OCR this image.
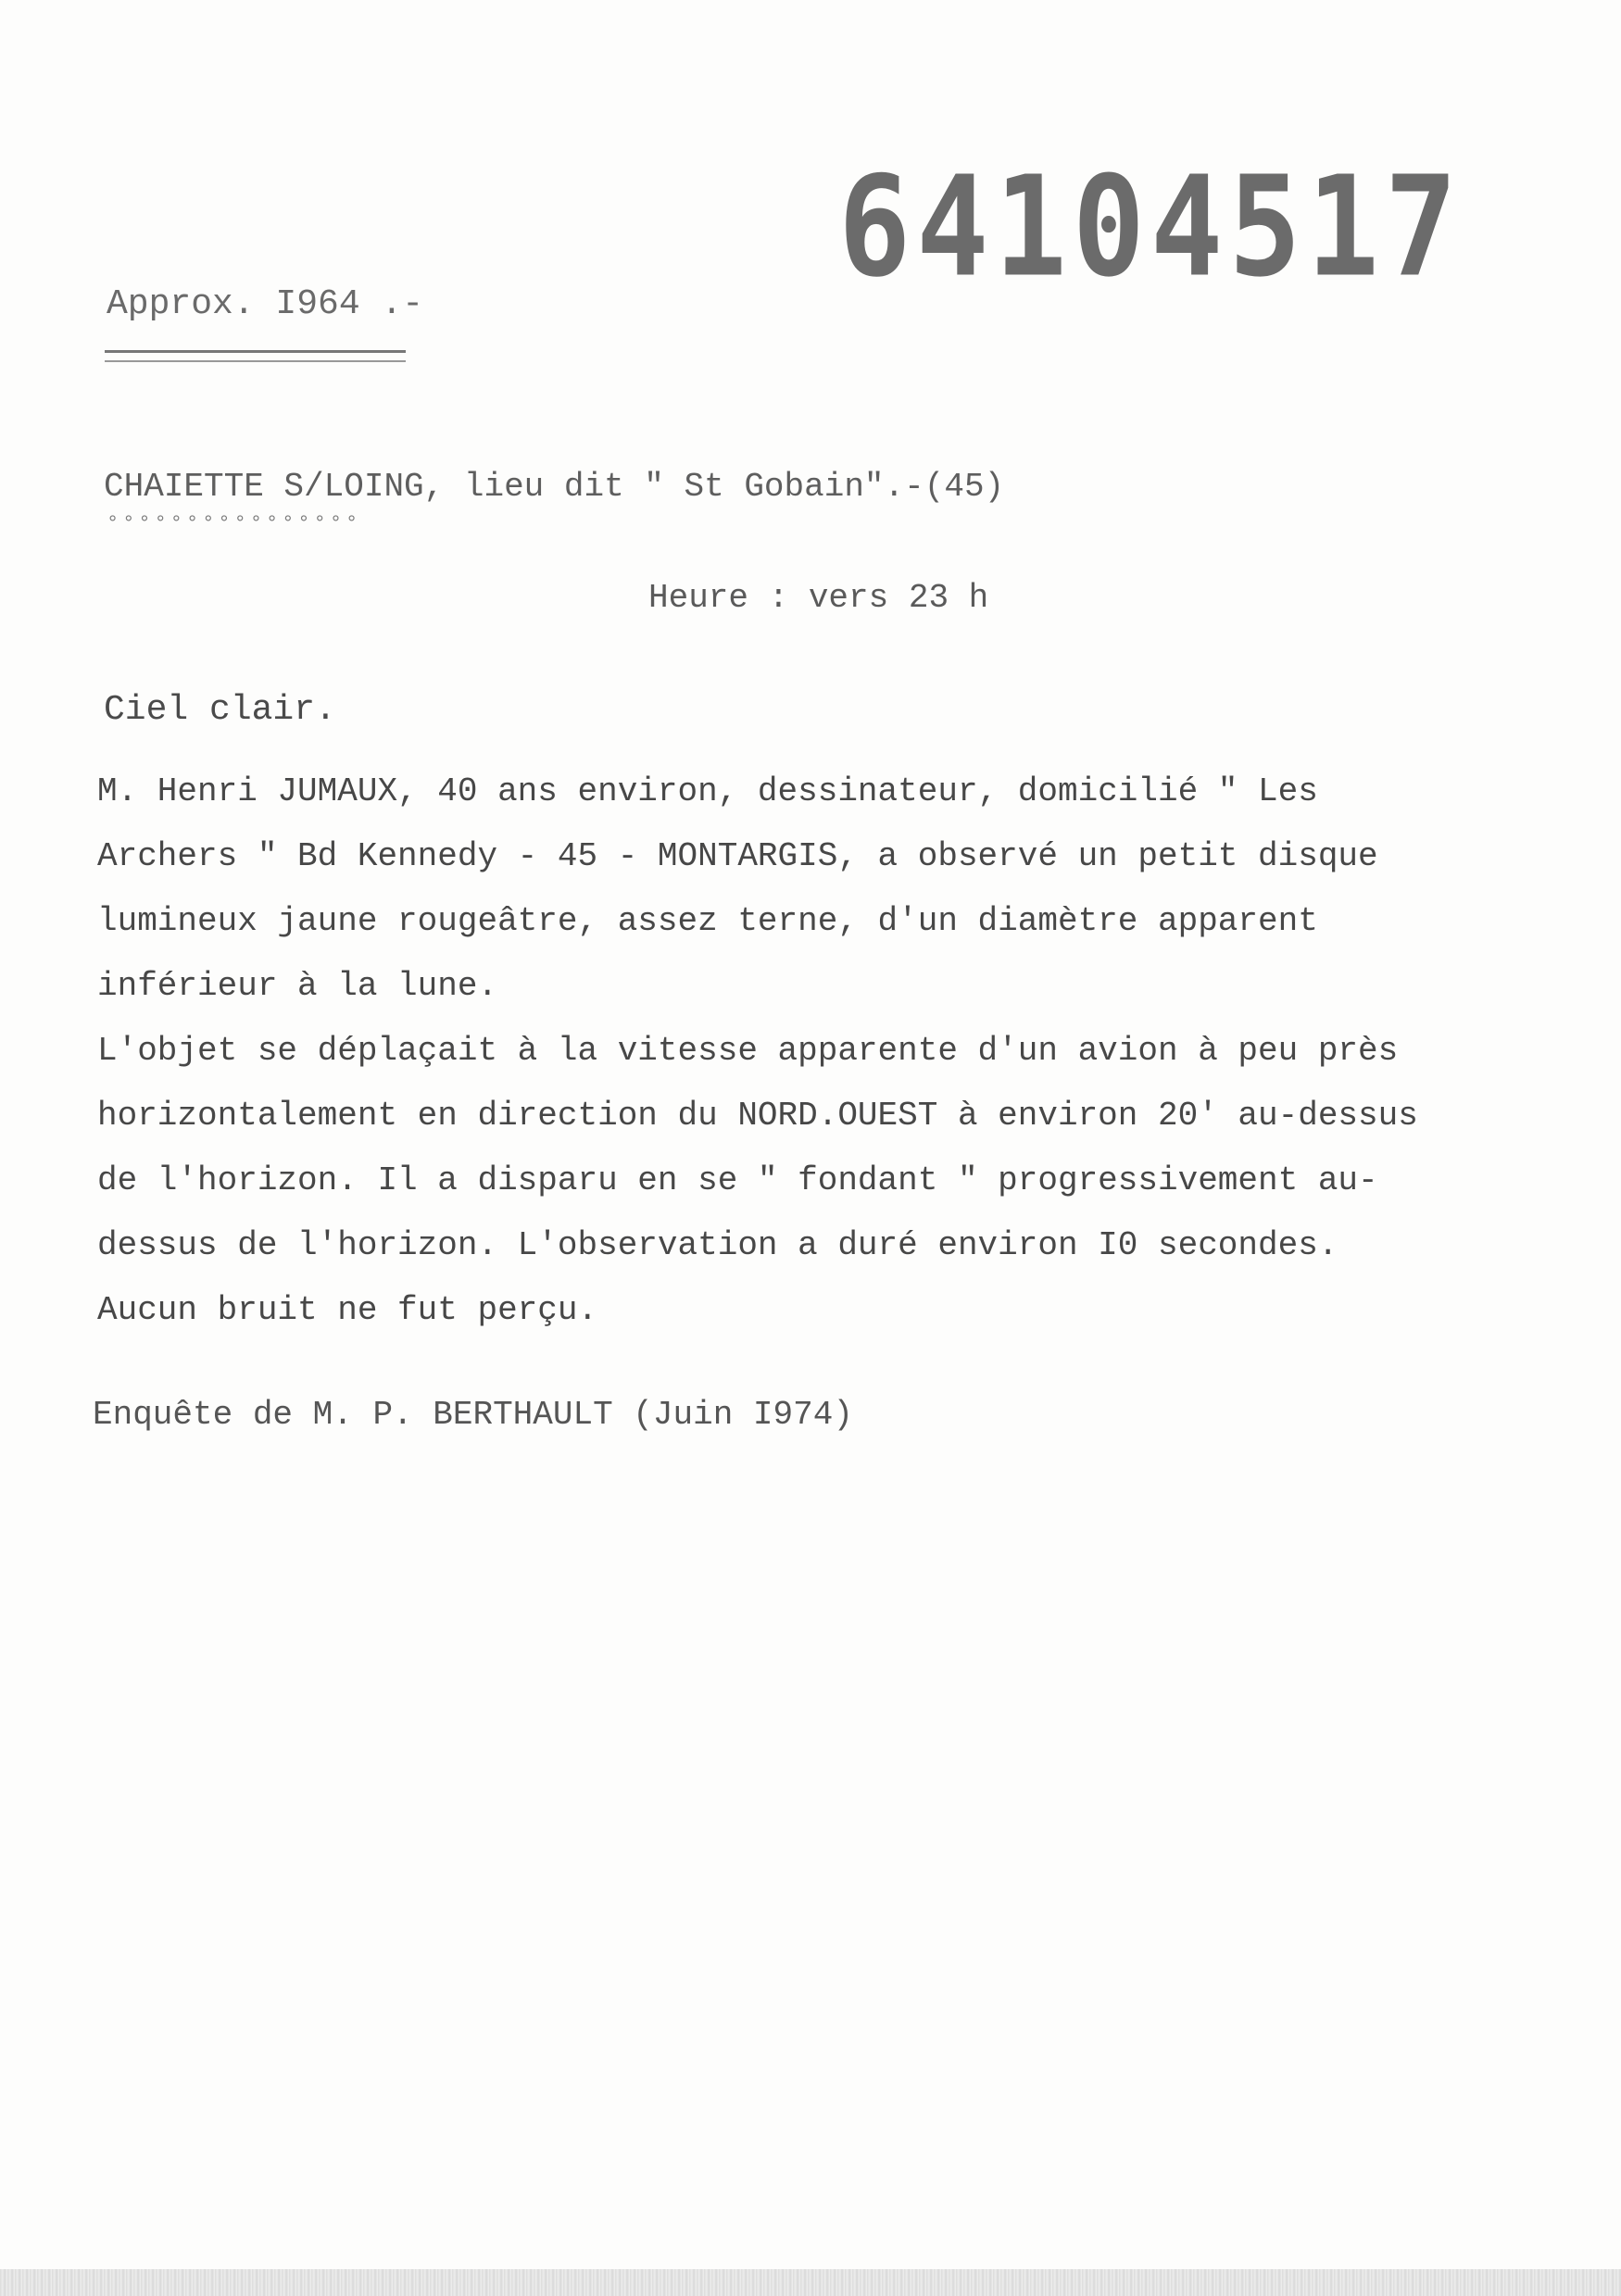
64104517
Approx. I964 .-
CHAIETTE S/LOING, lieu dit " St Gobain".-(45)
°°°°°°°°°°°°°°°°
Heure : vers 23 h
Ciel clair.
M. Henri JUMAUX, 40 ans environ, dessinateur, domicilié " Les
Archers " Bd Kennedy - 45 - MONTARGIS, a observé un petit disque
lumineux jaune rougeâtre, assez terne, d'un diamètre apparent
inférieur à la lune.
L'objet se déplaçait à la vitesse apparente d'un avion à peu près
horizontalement en direction du NORD.OUEST à environ 20' au-dessus
de l'horizon. Il a disparu en se " fondant " progressivement au-
dessus de l'horizon. L'observation a duré environ I0 secondes.
Aucun bruit ne fut perçu.
Enquête de M. P. BERTHAULT (Juin I974)
